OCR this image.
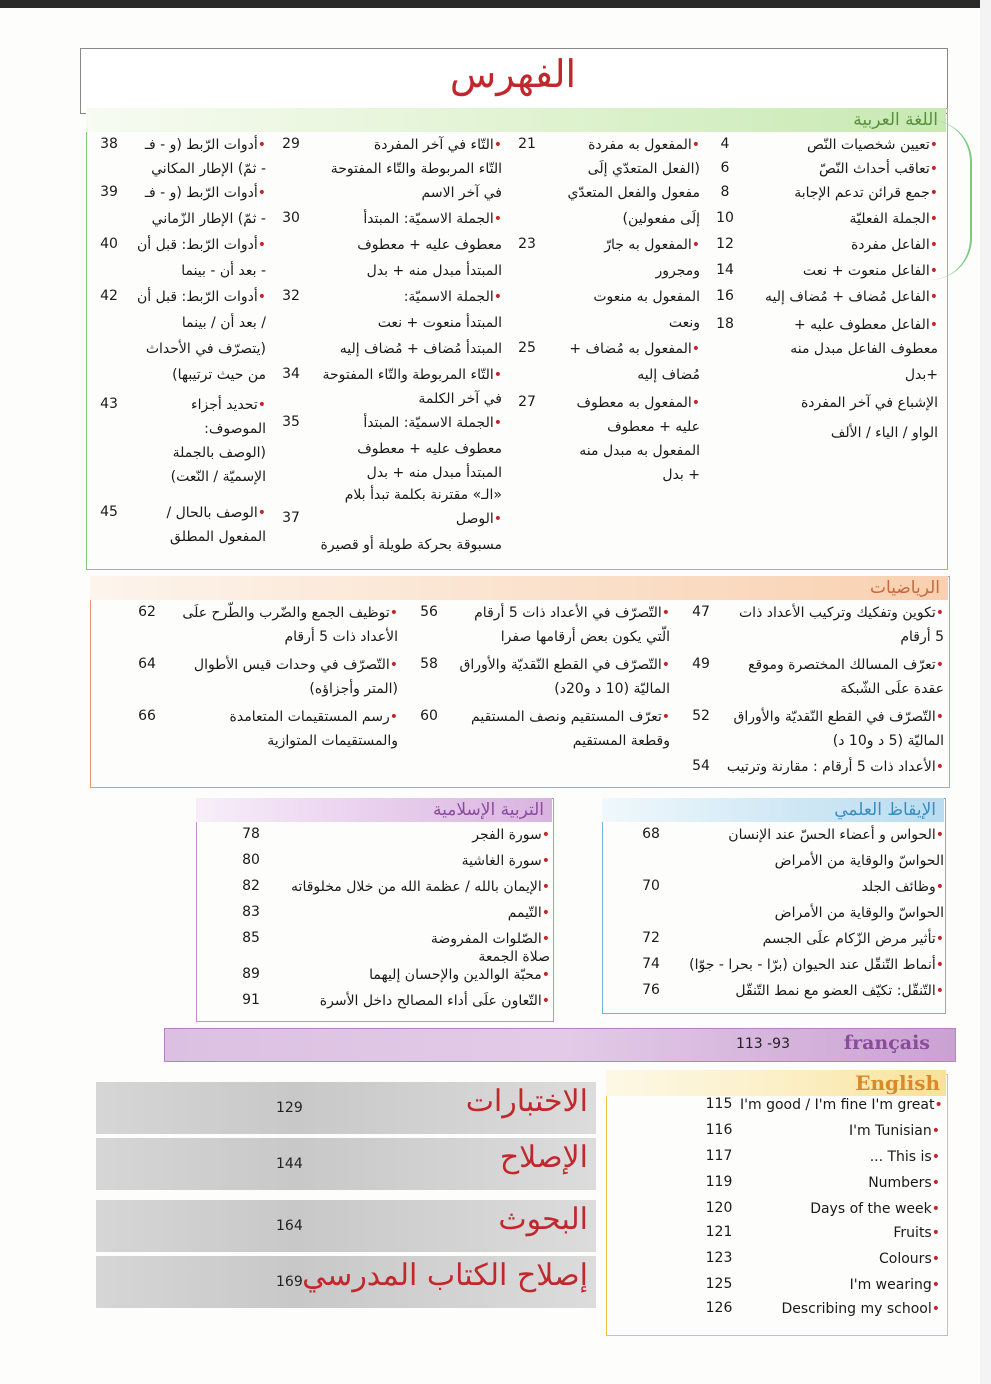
الفهرس
اللغة العربية
الرياضيات
التربية الإسلامية	الإيقاظ العلمي
français
113 -93
English
•تعيين شخصيات النّص
4
•تعاقب أحداث النّصّ
6
•جمع قرائن تدعم الإجابة
8
•الجملة الفعليّة
10
•الفاعل مفردة
12
•الفاعل منعوت + نعت
14
•الفاعل مُضاف + مُضاف إليه
16
•الفاعل معطوف عليه +
18
معطوف الفاعل مبدل منه
+بدل
الإشباع في آخر المفردة
الواو / الياء / الألف
•المفعول به مفردة
21
(الفعل المتعدّي إلَى
مفعول والفعل المتعدّي
إلَى مفعولين)
•المفعول به جارّ
23
ومجرور
المفعول به منعوت
ونعت
•المفعول به مُضاف +
25
مُضاف إليه
•المفعول به معطوف
27
عليه + معطوف
المفعول به مبدل منه
+ بدل
•التّاء في آخر المفردة
29
التّاء المربوطة والتّاء المفتوحة
في آخر الاسم
•الجملة الاسميّة: المبتدأ
30
معطوف عليه + معطوف
المبتدأ مبدل منه + بدل
•الجملة الاسميّة:
32
المبتدأ منعوت + نعت
المبتدأ مُضاف + مُضاف إليه
•التّاء المربوطة والتّاء المفتوحة
34
في آخر الكلمة
•الجملة الاسميّة: المبتدأ
35
معطوف عليه + معطوف
المبتدأ مبدل منه + بدل
«الـ» مقترنة بكلمة تبدأ بلام
•الوصل
37
مسبوقة بحركة طويلة أو قصيرة
•أدوات الرّبط (و - فـ
38
- ثمّ) الإطار المكاني
•أدوات الرّبط (و - فـ
39
- ثمّ) الإطار الزّماني
•أدوات الرّبط: قبل أن
40
- بعد أن - بينما
•أدوات الرّبط: قبل أن
42
/ بعد أن / بينما
(يتصرّف في الأحداث
من حيث ترتيبها)
•تحديد أجزاء
43
الموصوف:
(الوصف بالجملة
الإسميّة / النّعت)
•الوصف بالحال /
45
المفعول المطلق
•تكوين وتفكيك وتركيب الأعداد ذات
47
5 أرقام
•تعرّف المسالك المختصرة وموقع
49
عقدة علَى الشّبكة
•التّصرّف في القطع النّقديّة والأوراق
52
الماليّة (5 د و10 د)
•الأعداد ذات 5 أرقام : مقارنة وترتيب
54
•التّصرّف في الأعداد ذات 5 أرقام
56
الّتي يكون بعض أرقامها صفرا
•التّصرّف في القطع النّقديّة والأوراق
58
الماليّة (10 د و20د)
•تعرّف المستقيم ونصف المستقيم
60
وقطعة المستقيم
•توظيف الجمع والضّرب والطّرح علَى
62
الأعداد ذات 5 أرقام
•التّصرّف في وحدات قيس الأطوال
64
(المتر وأجزاؤه)
•رسم المستقيمات المتعامدة
66
والمستقيمات المتوازية
•الحواس و أعضاء الحسّ عند الإنسان
68
الحواسّ والوقاية من الأمراض
•وظائف الجلد
70
الحواسّ والوقاية من الأمراض
•تأثير مرض الزّكام علَى الجسم
72
•أنماط التّنقّل عند الحيوان (برّا - بحرا - جوّا)
74
•التّنقّل: تكيّف العضو مع نمط التّنقّل
76
•سورة الفجر
78
•سورة الغاشية
80
•الإيمان بالله / عظمة الله من خلال مخلوقاته
82
•التّيمم
83
•الصّلوات المفروضة
85
صلاة الجمعة
•محبّة الوالدين والإحسان إليهما
89
•التّعاون علَى أداء المصالح داخل الأسرة
91
I'm good / I'm fine I'm great•
115
I'm Tunisian•
116
... This is•
117
Numbers•
119
Days of the week•
120
Fruits•
121
Colours•
123
I'm wearing•
125
Describing my school•
126
الاختبارات
129
الإصلاح
144
البحوث
164
إصلاح الكتاب المدرسي
169
